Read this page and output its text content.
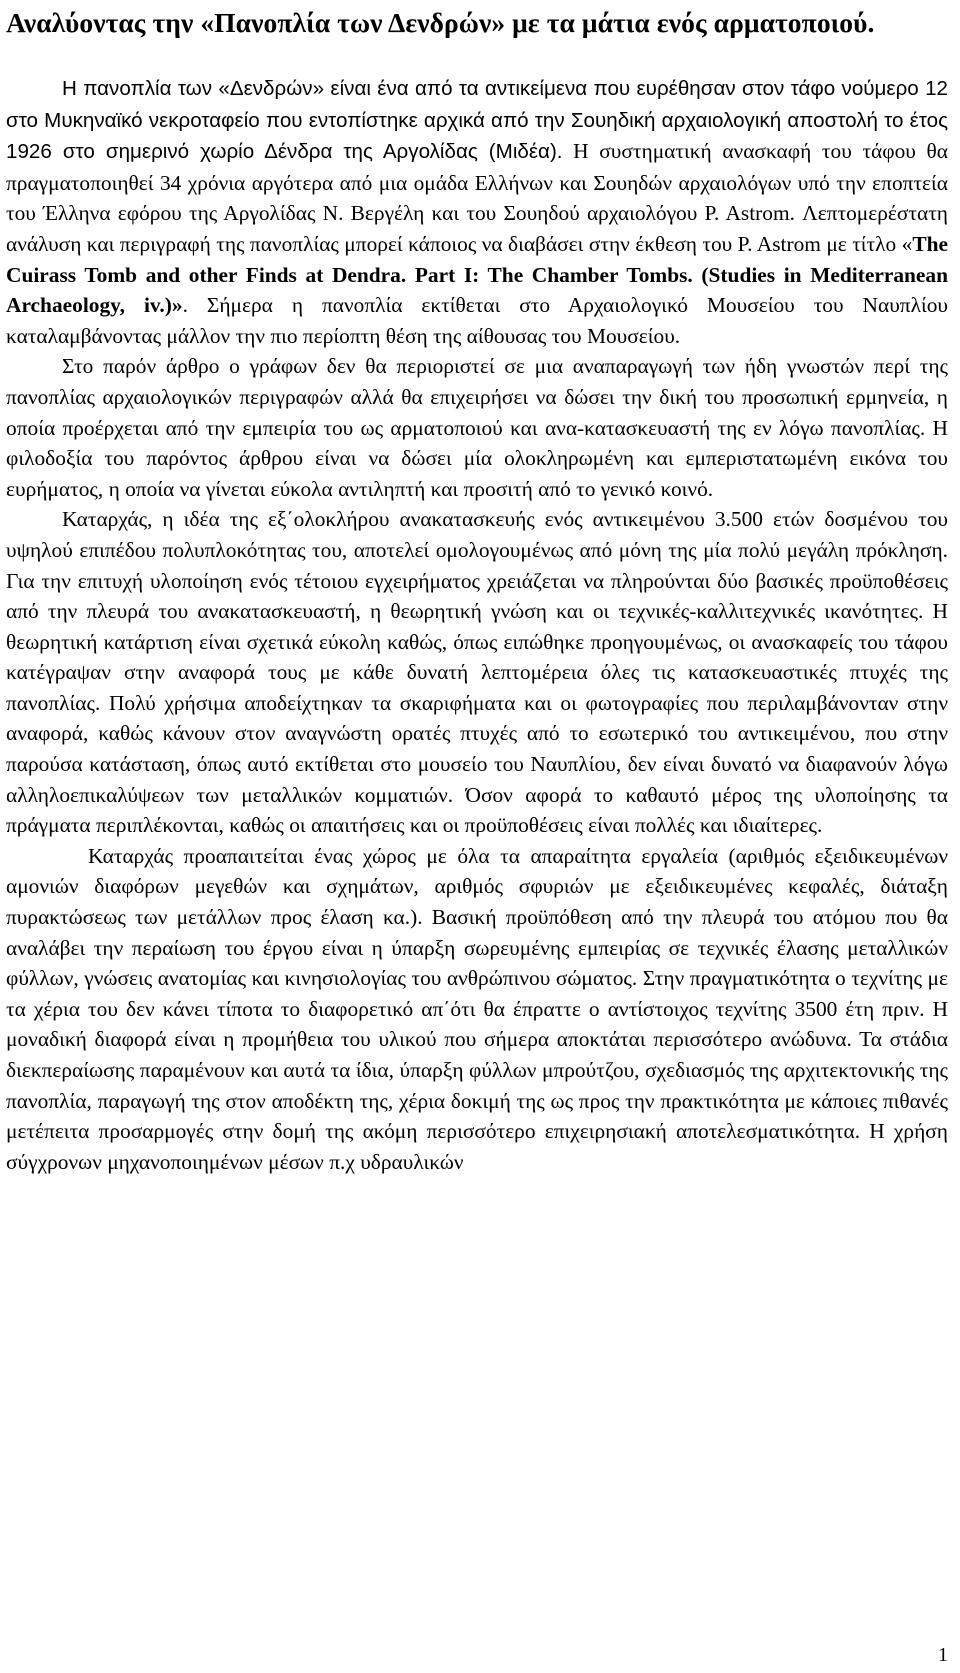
Αναλύοντας την «Πανοπλία των Δενδρών» με τα μάτια ενός αρματοποιού.

Η πανοπλία των «Δενδρών» είναι ένα από τα αντικείμενα που ευρέθησαν στον τάφο νούμερο 12 στο Μυκηναϊκό νεκροταφείο που εντοπίστηκε αρχικά από την Σουηδική αρχαιολογική αποστολή το έτος 1926 στο σημερινό χωρίο Δένδρα της Αργολίδας (Μιδέα). Η συστηματική ανασκαφή του τάφου θα πραγματοποιηθεί 34 χρόνια αργότερα από μια ομάδα Ελλήνων και Σουηδών αρχαιολόγων υπό την εποπτεία του Έλληνα εφόρου της Αργολίδας Ν. Βεργέλη και του Σουηδού αρχαιολόγου P. Astrom. Λεπτομερέστατη ανάλυση και περιγραφή της πανοπλίας μπορεί κάποιος να διαβάσει στην έκθεση του P. Astrom με τίτλο «The Cuirass Tomb and other Finds at Dendra. Part I: The Chamber Tombs. (Studies in Mediterranean Archaeology, iv.)». Σήμερα η πανοπλία εκτίθεται στο Αρχαιολογικό Μουσείου του Ναυπλίου καταλαμβάνοντας μάλλον την πιο περίοπτη θέση της αίθουσας του Μουσείου.

Στο παρόν άρθρο ο γράφων δεν θα περιοριστεί σε μια αναπαραγωγή των ήδη γνωστών περί της πανοπλίας αρχαιολογικών περιγραφών αλλά θα επιχειρήσει να δώσει την δική του προσωπική ερμηνεία, η οποία προέρχεται από την εμπειρία του ως αρματοποιού και ανα-κατασκευαστή της εν λόγω πανοπλίας. Η φιλοδοξία του παρόντος άρθρου είναι να δώσει μία ολοκληρωμένη και εμπεριστατωμένη εικόνα του ευρήματος, η οποία να γίνεται εύκολα αντιληπτή και προσιτή από το γενικό κοινό.

Καταρχάς, η ιδέα της εξ΄ολοκλήρου ανακατασκευής ενός αντικειμένου 3.500 ετών δοσμένου του υψηλού επιπέδου πολυπλοκότητας του, αποτελεί ομολογουμένως από μόνη της μία πολύ μεγάλη πρόκληση. Για την επιτυχή υλοποίηση ενός τέτοιου εγχειρήματος χρειάζεται να πληρούνται δύο βασικές προϋποθέσεις από την πλευρά του ανακατασκευαστή, η θεωρητική γνώση και οι τεχνικές-καλλιτεχνικές ικανότητες. Η θεωρητική κατάρτιση είναι σχετικά εύκολη καθώς, όπως ειπώθηκε προηγουμένως, οι ανασκαφείς του τάφου κατέγραψαν στην αναφορά τους με κάθε δυνατή λεπτομέρεια όλες τις κατασκευαστικές πτυχές της πανοπλίας. Πολύ χρήσιμα αποδείχτηκαν τα σκαριφήματα και οι φωτογραφίες που περιλαμβάνονταν στην αναφορά, καθώς κάνουν στον αναγνώστη ορατές πτυχές από το εσωτερικό του αντικειμένου, που στην παρούσα κατάσταση, όπως αυτό εκτίθεται στο μουσείο του Ναυπλίου, δεν είναι δυνατό να διαφανούν λόγω αλληλοεπικαλύψεων των μεταλλικών κομματιών. Όσον αφορά το καθαυτό μέρος της υλοποίησης τα πράγματα περιπλέκονται, καθώς οι απαιτήσεις και οι προϋποθέσεις είναι πολλές και ιδιαίτερες.

Καταρχάς προαπαιτείται ένας χώρος με όλα τα απαραίτητα εργαλεία (αριθμός εξειδικευμένων αμονιών διαφόρων μεγεθών και σχημάτων, αριθμός σφυριών με εξειδικευμένες κεφαλές, διάταξη πυρακτώσεως των μετάλλων προς έλαση κα.). Βασική προϋπόθεση από την πλευρά του ατόμου που θα αναλάβει την περαίωση του έργου είναι η ύπαρξη σωρευμένης εμπειρίας σε τεχνικές έλασης μεταλλικών φύλλων, γνώσεις ανατομίας και κινησιολογίας του ανθρώπινου σώματος. Στην πραγματικότητα ο τεχνίτης με τα χέρια του δεν κάνει τίποτα το διαφορετικό απ΄ότι θα έπραττε ο αντίστοιχος τεχνίτης 3500 έτη πριν. Η μοναδική διαφορά είναι η προμήθεια του υλικού που σήμερα αποκτάται περισσότερο ανώδυνα. Τα στάδια διεκπεραίωσης παραμένουν και αυτά τα ίδια, ύπαρξη φύλλων μπρούτζου, σχεδιασμός της αρχιτεκτονικής της πανοπλία, παραγωγή της στον αποδέκτη της, χέρια δοκιμή της ως προς την πρακτικότητα με κάποιες πιθανές μετέπειτα προσαρμογές στην δομή της ακόμη περισσότερο επιχειρησιακή αποτελεσματικότητα. Η χρήση σύγχρονων μηχανοποιημένων μέσων π.χ υδραυλικών

1
